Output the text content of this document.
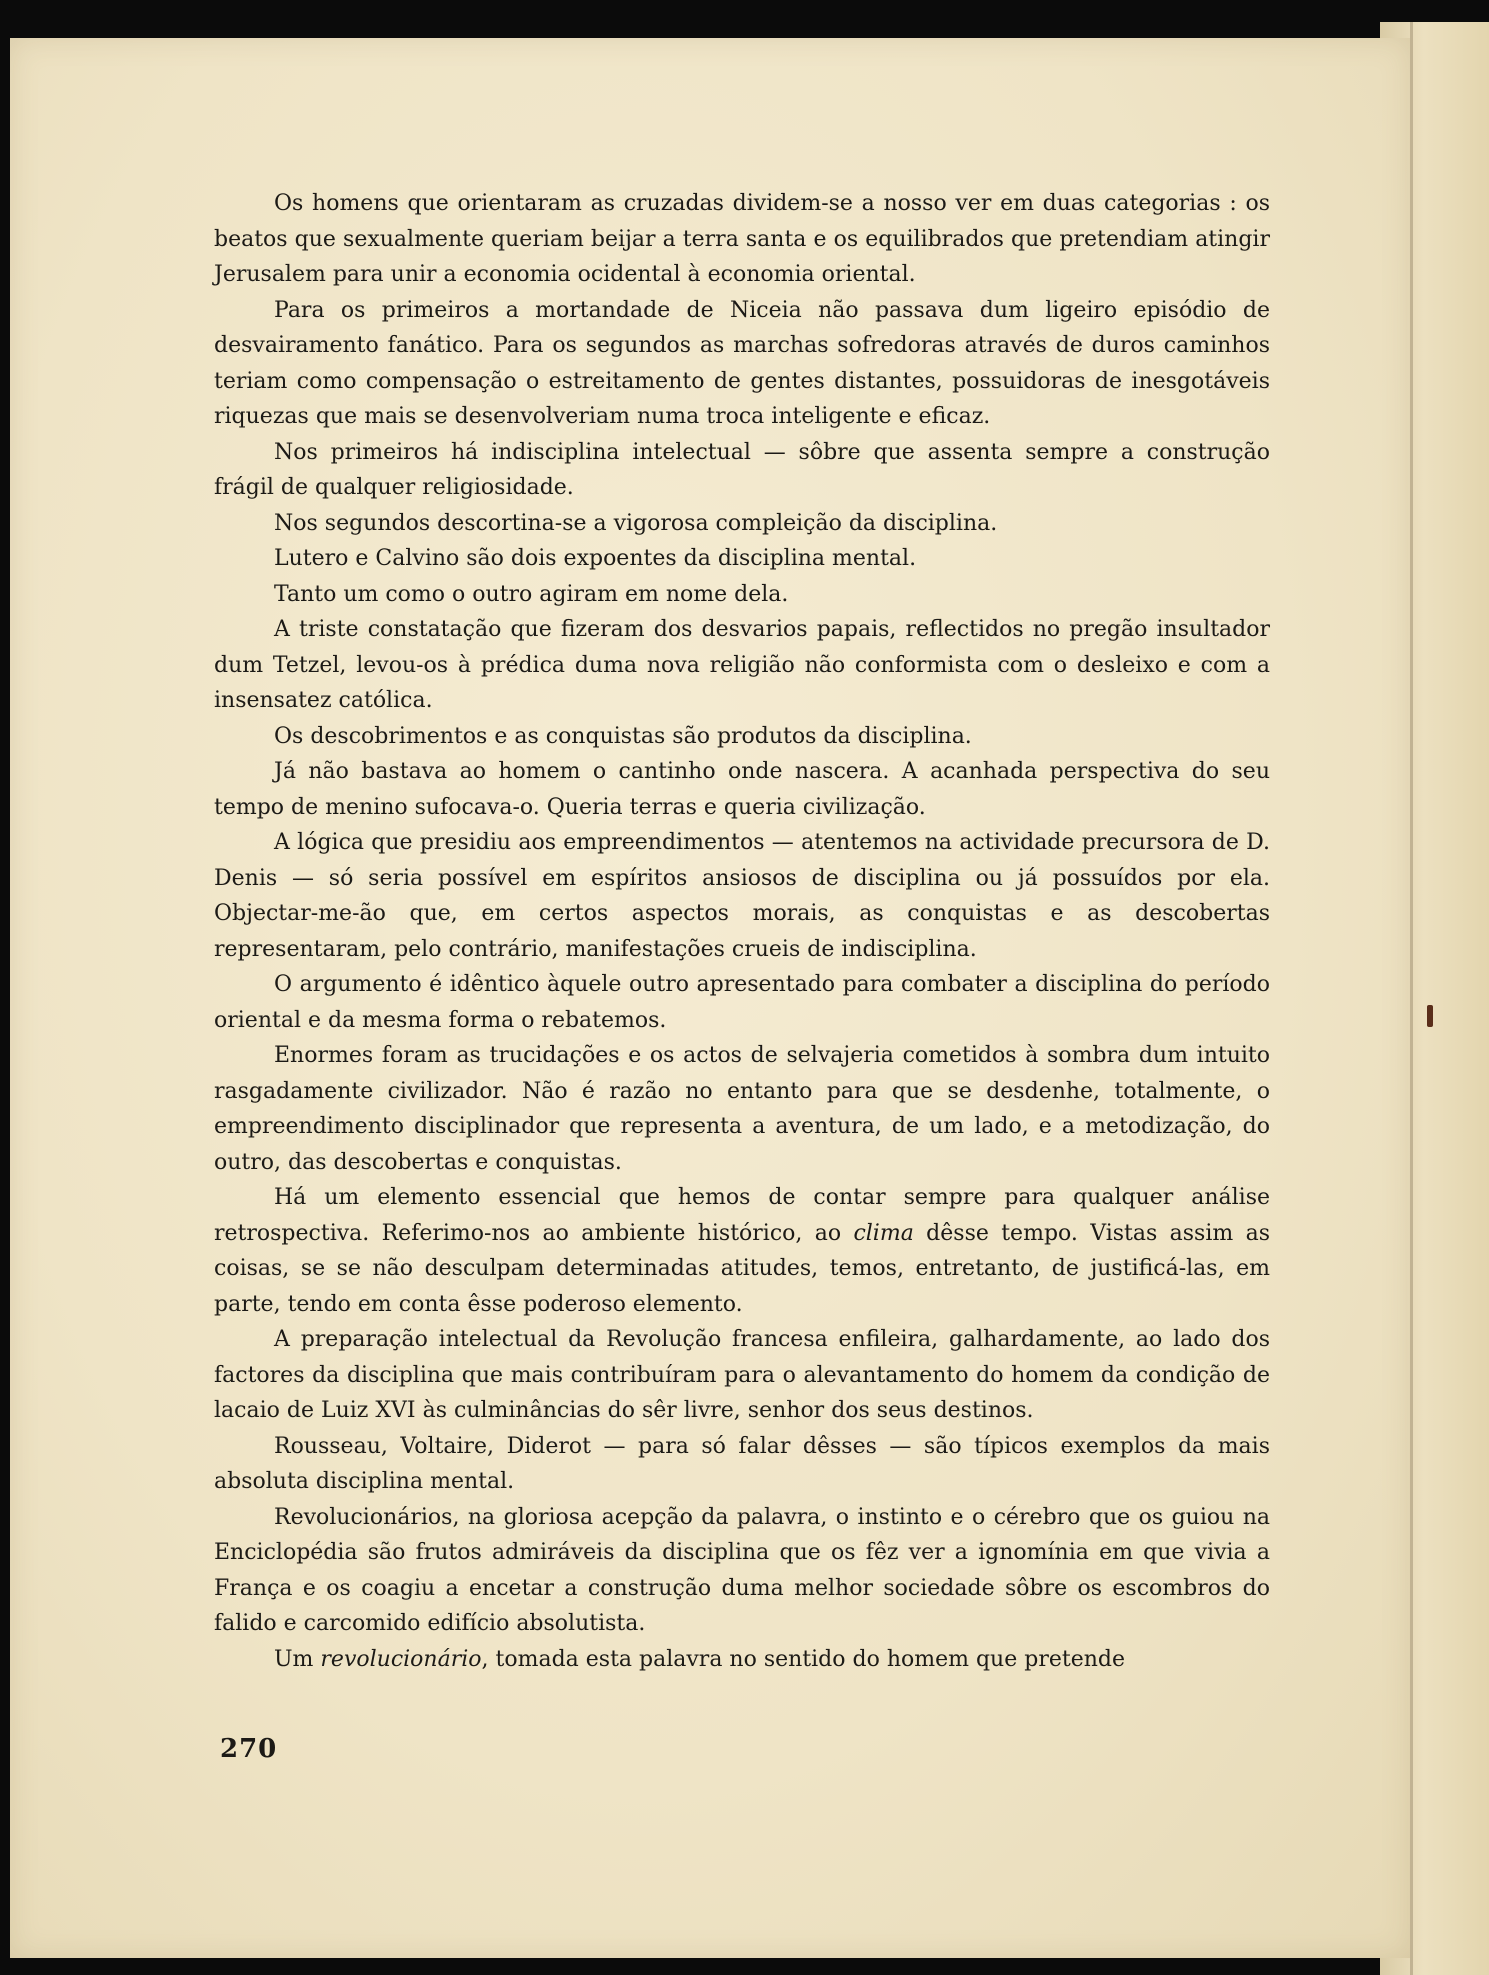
Os homens que orientaram as cruzadas dividem-se a nosso ver em duas categorias : os beatos que sexualmente queriam beijar a terra santa e os equilibrados que pretendiam atingir Jerusalem para unir a economia ocidental à economia oriental.

Para os primeiros a mortandade de Niceia não passava dum ligeiro episódio de desvairamento fanático. Para os segundos as marchas sofredoras através de duros caminhos teriam como compensação o estreitamento de gentes distantes, possuidoras de inesgotáveis riquezas que mais se desenvolveriam numa troca inteligente e eficaz.

Nos primeiros há indisciplina intelectual — sôbre que assenta sempre a construção frágil de qualquer religiosidade.

Nos segundos descortina-se a vigorosa compleição da disciplina.

Lutero e Calvino são dois expoentes da disciplina mental.

Tanto um como o outro agiram em nome dela.

A triste constatação que fizeram dos desvarios papais, reflectidos no pregão insultador dum Tetzel, levou-os à prédica duma nova religião não conformista com o desleixo e com a insensatez católica.

Os descobrimentos e as conquistas são produtos da disciplina.

Já não bastava ao homem o cantinho onde nascera. A acanhada perspectiva do seu tempo de menino sufocava-o. Queria terras e queria civilização.

A lógica que presidiu aos empreendimentos — atentemos na actividade precursora de D. Denis — só seria possível em espíritos ansiosos de disciplina ou já possuídos por ela. Objectar-me-ão que, em certos aspectos morais, as conquistas e as descobertas representaram, pelo contrário, manifestações crueis de indisciplina.

O argumento é idêntico àquele outro apresentado para combater a disciplina do período oriental e da mesma forma o rebatemos.

Enormes foram as trucidações e os actos de selvajeria cometidos à sombra dum intuito rasgadamente civilizador. Não é razão no entanto para que se desdenhe, totalmente, o empreendimento disciplinador que representa a aventura, de um lado, e a metodização, do outro, das descobertas e conquistas.

Há um elemento essencial que hemos de contar sempre para qualquer análise retrospectiva. Referimo-nos ao ambiente histórico, ao clima dêsse tempo. Vistas assim as coisas, se se não desculpam determinadas atitudes, temos, entretanto, de justificá-las, em parte, tendo em conta êsse poderoso elemento.

A preparação intelectual da Revolução francesa enfileira, galhardamente, ao lado dos factores da disciplina que mais contribuíram para o alevantamento do homem da condição de lacaio de Luiz XVI às culminâncias do sêr livre, senhor dos seus destinos.

Rousseau, Voltaire, Diderot — para só falar dêsses — são típicos exemplos da mais absoluta disciplina mental.

Revolucionários, na gloriosa acepção da palavra, o instinto e o cérebro que os guiou na Enciclopédia são frutos admiráveis da disciplina que os fêz ver a ignomínia em que vivia a França e os coagiu a encetar a construção duma melhor sociedade sôbre os escombros do falido e carcomido edifício absolutista.

Um revolucionário, tomada esta palavra no sentido do homem que pretende

270
